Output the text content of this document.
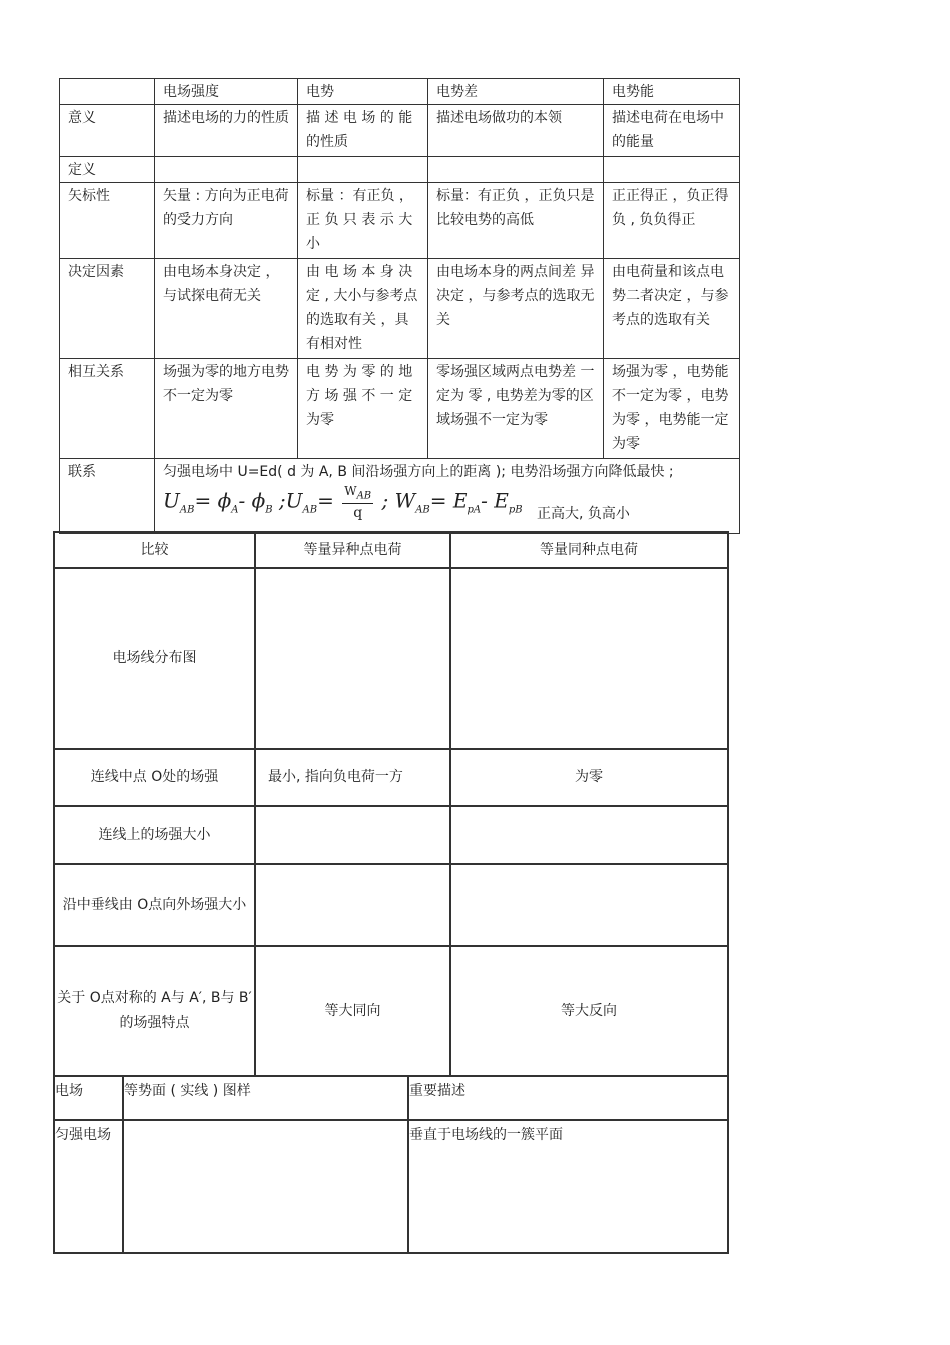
	电场强度	电势	电势差	电势能
意义	描述电场的力的性质	描 述 电 场 的 能的性质	描述电场做功的本领	描述电荷在电场中的能量
定义				
矢标性	矢量 : 方向为正电荷的受力方向	标量 ：有正负 ，正 负 只 表 示 大小	标量：有正负 ，正负只是比较电势的高低	正正得正 ，负正得负 , 负负得正
决定因素	由电场本身决定 ，与试探电荷无关	由 电 场 本 身 决定 , 大小与参考点的选取有关 ，具有相对性	由电场本身的两点间差 异决定 ，与参考点的选取无关	由电荷量和该点电势二者决定 ，与参考点的选取有关
相互关系	场强为零的地方电势不一定为零	电 势 为 零 的 地方 场 强 不 一 定为零	零场强区域两点电势差 一定为 零 , 电势差为零的区域场强不一定为零	场强为零 ，电势能不一定为零 ，电势为零 ，电势能一定为零
联系	匀强电场中 U=Ed( d 为 A, B 间沿场强方向上的距离 ); 电势沿场强方向降低最快 ;
$U_{AB}= \phi_A-$ $\phi_B$ $;U_{AB}= \frac{W_{AB}}{q}$ ; $W_{AB}= E_{pA}-$ $E_{pB}$ $_{正高大, 负高小}$
比较	等量异种点电荷	等量同种点电荷
电场线分布图		
连线中点 O处的场强	最小, 指向负电荷一方	为零
连线上的场强大小		
沿中垂线由 O点向外场强大小		
关于 O点对称的 A与 A′, B与 B′ 的场强特点	等大同向	等大反向
电场	等势面 ( 实线 ) 图样	重要描述
匀强电场		垂直于电场线的一簇平面
